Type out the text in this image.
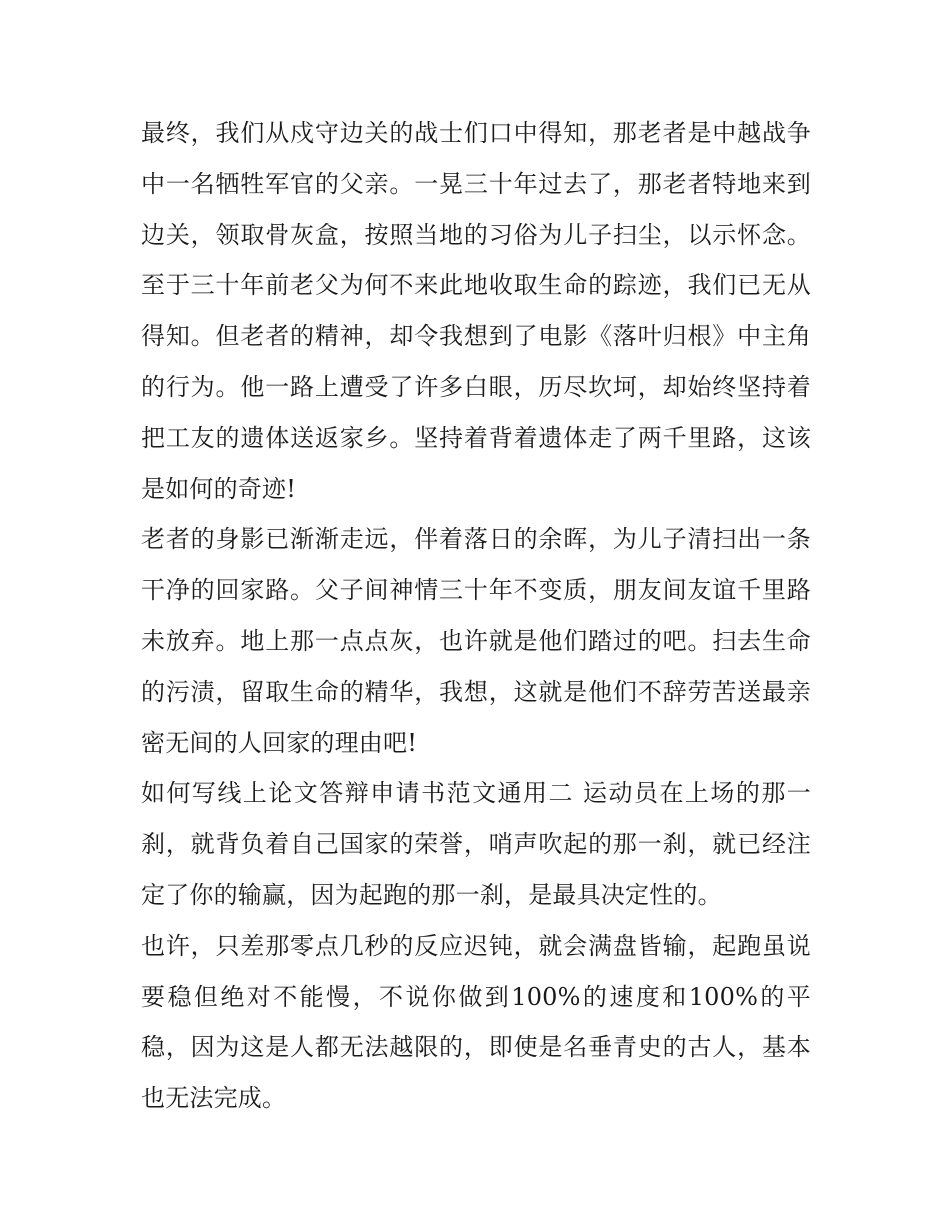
最终，我们从戍守边关的战士们口中得知，那老者是中越战争中一名牺牲军官的父亲。一晃三十年过去了，那老者特地来到边关，领取骨灰盒，按照当地的习俗为儿子扫尘，以示怀念。至于三十年前老父为何不来此地收取生命的踪迹，我们已无从得知。但老者的精神，却令我想到了电影《落叶归根》中主角的行为。他一路上遭受了许多白眼，历尽坎坷，却始终坚持着把工友的遗体送返家乡。坚持着背着遗体走了两千里路，这该是如何的奇迹!

老者的身影已渐渐走远，伴着落日的余晖，为儿子清扫出一条干净的回家路。父子间神情三十年不变质，朋友间友谊千里路未放弃。地上那一点点灰，也许就是他们踏过的吧。扫去生命的污渍，留取生命的精华，我想，这就是他们不辞劳苦送最亲密无间的人回家的理由吧!

如何写线上论文答辩申请书范文通用二 运动员在上场的那一刹，就背负着自己国家的荣誉，哨声吹起的那一刹，就已经注定了你的输赢，因为起跑的那一刹，是最具决定性的。

也许，只差那零点几秒的反应迟钝，就会满盘皆输，起跑虽说要稳但绝对不能慢，不说你做到100%的速度和100%的平稳，因为这是人都无法越限的，即使是名垂青史的古人，基本也无法完成。
